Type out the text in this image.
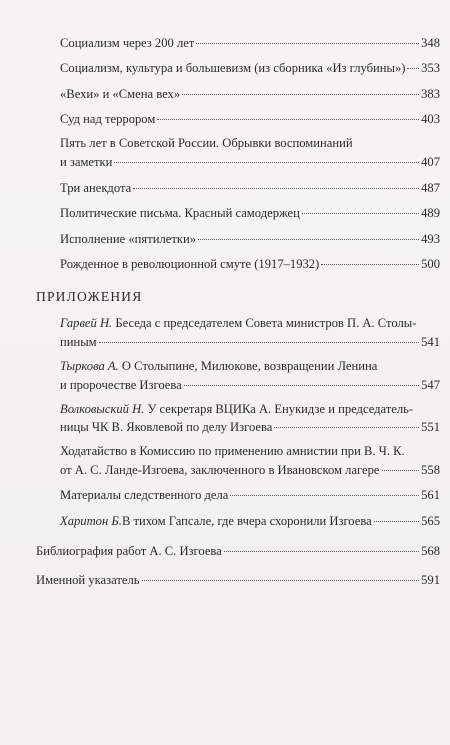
Социализм через 200 лет	348
Социализм, культура и большевизм (из сборника «Из глубины») 353
«Вехи» и «Смена вех»	383
Суд над террором	403
Пять лет в Советской России. Обрывки воспоминаний
и заметки	407
Три анекдота	487
Политические письма. Красный самодержец	489
Исполнение «пятилетки»	493
Рожденное в революционной смуте (1917–1932)	500
ПРИЛОЖЕНИЯ
Гарвей Н. Беседа с председателем Совета министров П. А. Столы-
пиным	541
Тыркова А. О Столыпине, Милюкове, возвращении Ленина
и пророчестве Изгоева	547
Волковыский Н. У секретаря ВЦИКа А. Енукидзе и председатель-
ницы ЧК В. Яковлевой по делу Изгоева	551
Ходатайство в Комиссию по применению амнистии при В. Ч. К.
от А. С. Ланде-Изгоева, заключенного в Ивановском лагере	558
Материалы следственного дела	561
Харитон Б. В тихом Гапсале, где вчера схоронили Изгоева	565
Библиография работ А. С. Изгоева	568
Именной указатель	591
